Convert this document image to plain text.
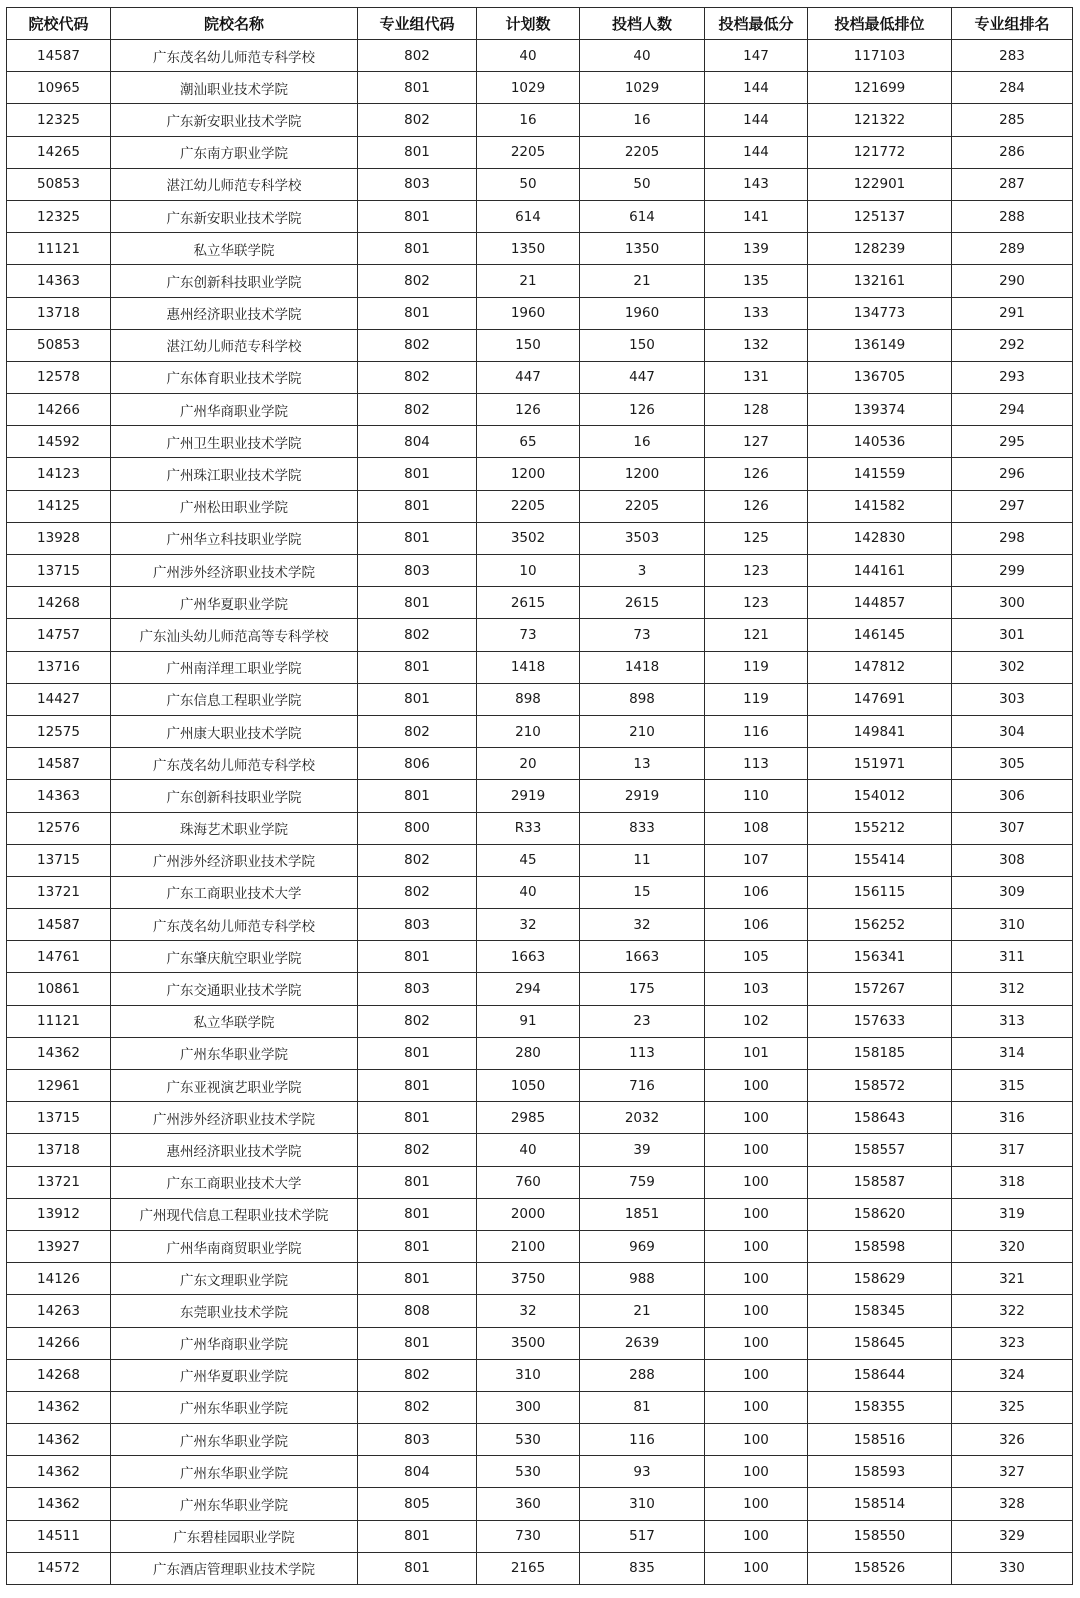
院校代码	院校名称	专业组代码	计划数	投档人数	投档最低分	投档最低排位	专业组排名
14587	广东茂名幼儿师范专科学校	802	40	40	147	117103	283
10965	潮汕职业技术学院	801	1029	1029	144	121699	284
12325	广东新安职业技术学院	802	16	16	144	121322	285
14265	广东南方职业学院	801	2205	2205	144	121772	286
50853	湛江幼儿师范专科学校	803	50	50	143	122901	287
12325	广东新安职业技术学院	801	614	614	141	125137	288
11121	私立华联学院	801	1350	1350	139	128239	289
14363	广东创新科技职业学院	802	21	21	135	132161	290
13718	惠州经济职业技术学院	801	1960	1960	133	134773	291
50853	湛江幼儿师范专科学校	802	150	150	132	136149	292
12578	广东体育职业技术学院	802	447	447	131	136705	293
14266	广州华商职业学院	802	126	126	128	139374	294
14592	广州卫生职业技术学院	804	65	16	127	140536	295
14123	广州珠江职业技术学院	801	1200	1200	126	141559	296
14125	广州松田职业学院	801	2205	2205	126	141582	297
13928	广州华立科技职业学院	801	3502	3503	125	142830	298
13715	广州涉外经济职业技术学院	803	10	3	123	144161	299
14268	广州华夏职业学院	801	2615	2615	123	144857	300
14757	广东汕头幼儿师范高等专科学校	802	73	73	121	146145	301
13716	广州南洋理工职业学院	801	1418	1418	119	147812	302
14427	广东信息工程职业学院	801	898	898	119	147691	303
12575	广州康大职业技术学院	802	210	210	116	149841	304
14587	广东茂名幼儿师范专科学校	806	20	13	113	151971	305
14363	广东创新科技职业学院	801	2919	2919	110	154012	306
12576	珠海艺术职业学院	800	R33	833	108	155212	307
13715	广州涉外经济职业技术学院	802	45	11	107	155414	308
13721	广东工商职业技术大学	802	40	15	106	156115	309
14587	广东茂名幼儿师范专科学校	803	32	32	106	156252	310
14761	广东肇庆航空职业学院	801	1663	1663	105	156341	311
10861	广东交通职业技术学院	803	294	175	103	157267	312
11121	私立华联学院	802	91	23	102	157633	313
14362	广州东华职业学院	801	280	113	101	158185	314
12961	广东亚视演艺职业学院	801	1050	716	100	158572	315
13715	广州涉外经济职业技术学院	801	2985	2032	100	158643	316
13718	惠州经济职业技术学院	802	40	39	100	158557	317
13721	广东工商职业技术大学	801	760	759	100	158587	318
13912	广州现代信息工程职业技术学院	801	2000	1851	100	158620	319
13927	广州华南商贸职业学院	801	2100	969	100	158598	320
14126	广东文理职业学院	801	3750	988	100	158629	321
14263	东莞职业技术学院	808	32	21	100	158345	322
14266	广州华商职业学院	801	3500	2639	100	158645	323
14268	广州华夏职业学院	802	310	288	100	158644	324
14362	广州东华职业学院	802	300	81	100	158355	325
14362	广州东华职业学院	803	530	116	100	158516	326
14362	广州东华职业学院	804	530	93	100	158593	327
14362	广州东华职业学院	805	360	310	100	158514	328
14511	广东碧桂园职业学院	801	730	517	100	158550	329
14572	广东酒店管理职业技术学院	801	2165	835	100	158526	330
